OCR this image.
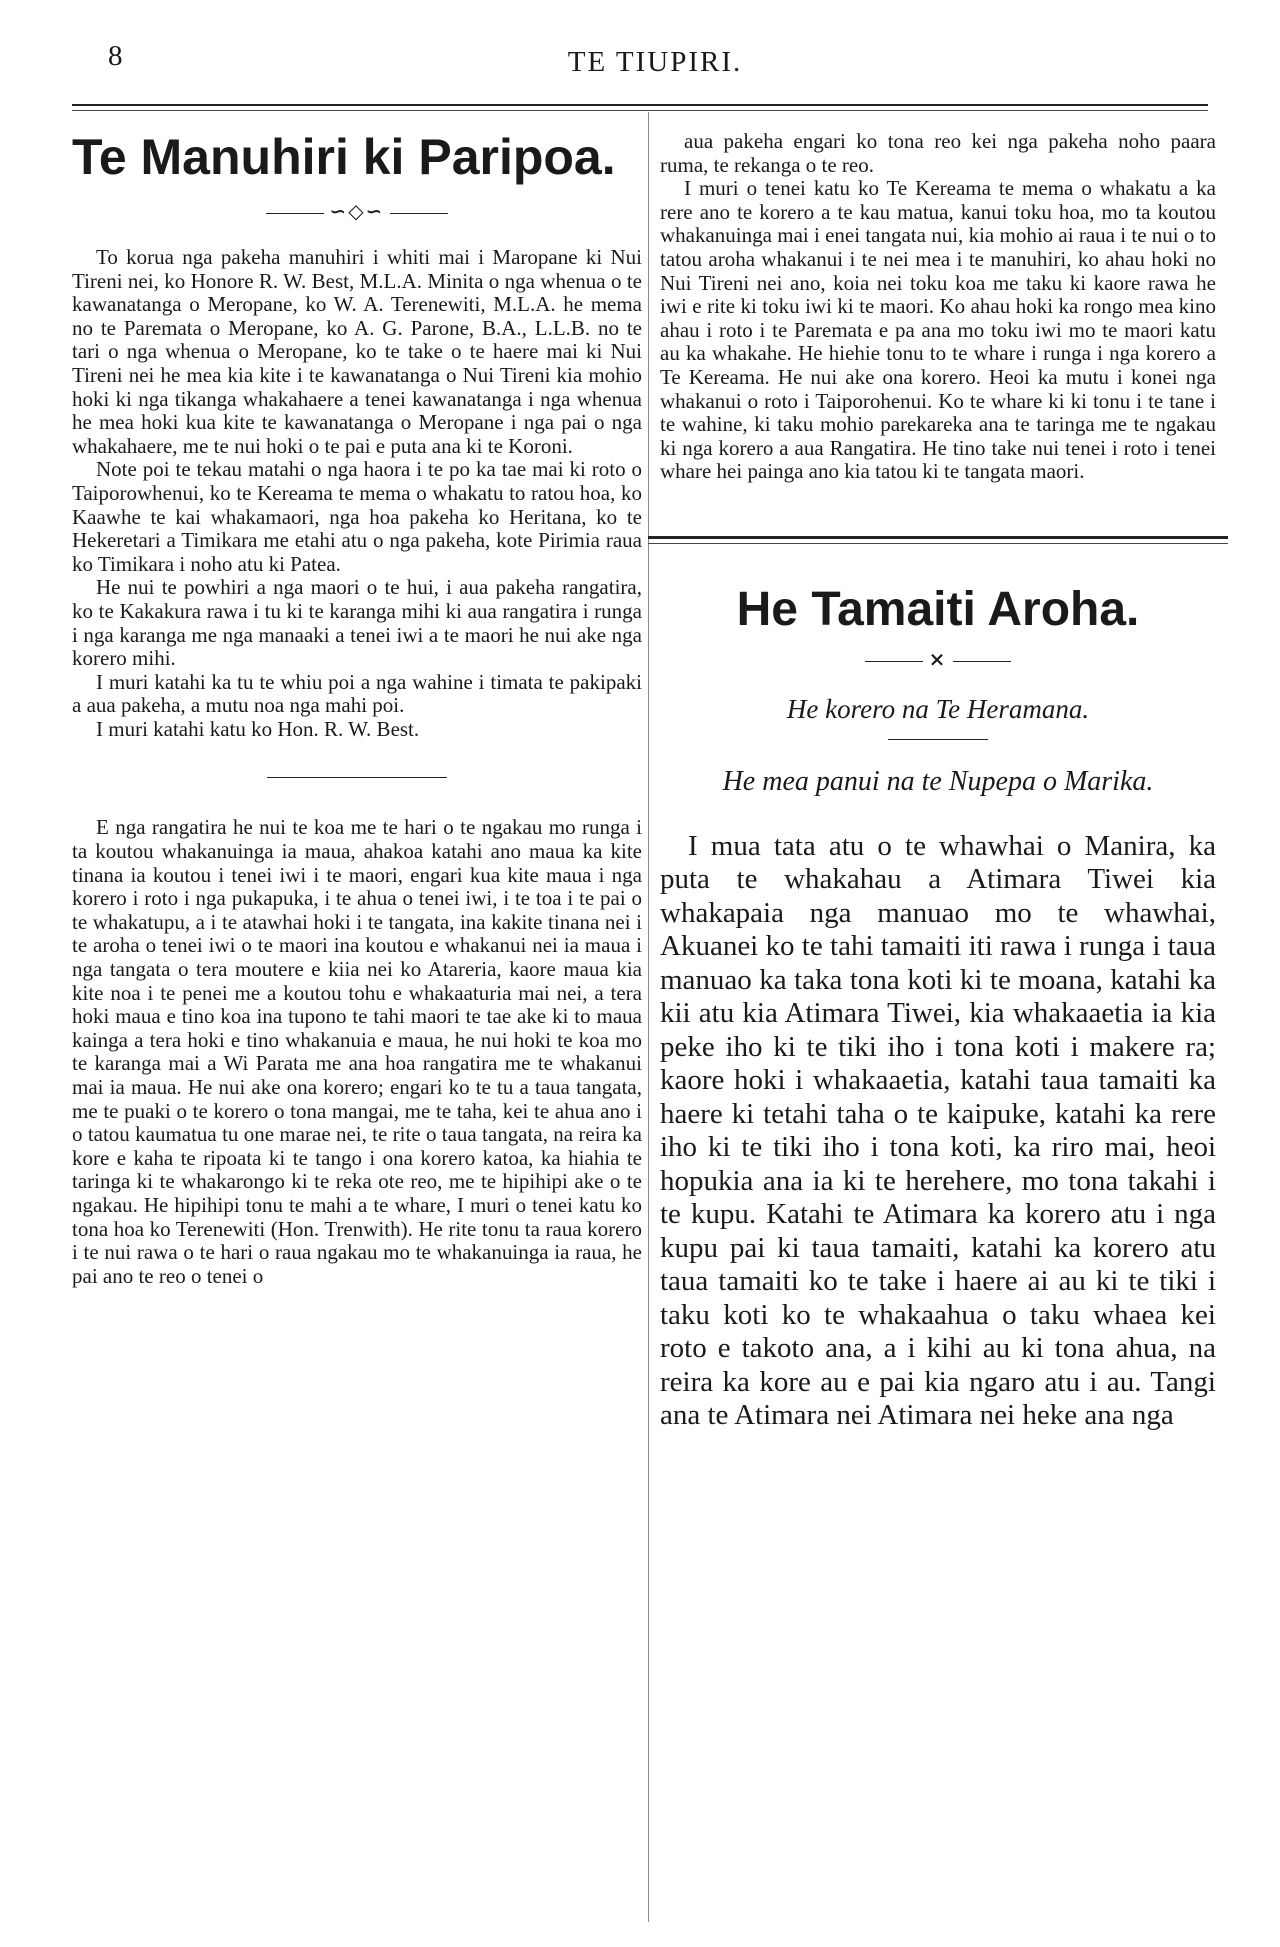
8	TE TIUPIRI.
Te Manuhiri ki Paripoa.
∽◇∽

To korua nga pakeha manuhiri i whiti mai i Maropane ki Nui Tireni nei, ko Honore R. W. Best, M.L.A. Minita o nga whenua o te kawanatanga o Meropane, ko W. A. Terenewiti, M.L.A. he mema no te Paremata o Meropane, ko A. G. Parone, B.A., L.L.B. no te tari o nga whenua o Meropane, ko te take o te haere mai ki Nui Tireni nei he mea kia kite i te kawanatanga o Nui Tireni kia mohio hoki ki nga tikanga whakahaere a tenei kawanatanga i nga whenua he mea hoki kua kite te kawanatanga o Meropane i nga pai o nga whakahaere, me te nui hoki o te pai e puta ana ki te Koroni.

Note poi te tekau matahi o nga haora i te po ka tae mai ki roto o Taiporowhenui, ko te Kereama te mema o whakatu to ratou hoa, ko Kaawhe te kai whakamaori, nga hoa pakeha ko Heritana, ko te Hekeretari a Timikara me etahi atu o nga pakeha, kote Pirimia raua ko Timikara i noho atu ki Patea.

He nui te powhiri a nga maori o te hui, i aua pakeha rangatira, ko te Kakakura rawa i tu ki te karanga mihi ki aua rangatira i runga i nga karanga me nga manaaki a tenei iwi a te maori he nui ake nga korero mihi.

I muri katahi ka tu te whiu poi a nga wahine i timata te pakipaki a aua pakeha, a mutu noa nga mahi poi.

I muri katahi katu ko Hon. R. W. Best.

E nga rangatira he nui te koa me te hari o te ngakau mo runga i ta koutou whakanuinga ia maua, ahakoa katahi ano maua ka kite tinana ia koutou i tenei iwi i te maori, engari kua kite maua i nga korero i roto i nga pukapuka, i te ahua o tenei iwi, i te toa i te pai o te whakatupu, a i te atawhai hoki i te tangata, ina kakite tinana nei i te aroha o tenei iwi o te maori ina koutou e whakanui nei ia maua i nga tangata o tera moutere e kiia nei ko Atareria, kaore maua kia kite noa i te penei me a koutou tohu e whakaaturia mai nei, a tera hoki maua e tino koa ina tupono te tahi maori te tae ake ki to maua kainga a tera hoki e tino whakanuia e maua, he nui hoki te koa mo te karanga mai a Wi Parata me ana hoa rangatira me te whakanui mai ia maua. He nui ake ona korero; engari ko te tu a taua tangata, me te puaki o te korero o tona mangai, me te taha, kei te ahua ano i o tatou kaumatua tu one marae nei, te rite o taua tangata, na reira ka kore e kaha te ripoata ki te tango i ona korero katoa, ka hiahia te taringa ki te whakarongo ki te reka ote reo, me te hipihipi ake o te ngakau. He hipihipi tonu te mahi a te whare, I muri o tenei katu ko tona hoa ko Terenewiti (Hon. Trenwith). He rite tonu ta raua korero i te nui rawa o te hari o raua ngakau mo te whakanuinga ia raua, he pai ano te reo o tenei o

aua pakeha engari ko tona reo kei nga pakeha noho paara ruma, te rekanga o te reo.

I muri o tenei katu ko Te Kereama te mema o whakatu a ka rere ano te korero a te kau matua, kanui toku hoa, mo ta koutou whakanuinga mai i enei tangata nui, kia mohio ai raua i te nui o to tatou aroha whakanui i te nei mea i te manuhiri, ko ahau hoki no Nui Tireni nei ano, koia nei toku koa me taku ki kaore rawa he iwi e rite ki toku iwi ki te maori. Ko ahau hoki ka rongo mea kino ahau i roto i te Paremata e pa ana mo toku iwi mo te maori katu au ka whakahe. He hiehie tonu to te whare i runga i nga korero a Te Kereama. He nui ake ona korero. Heoi ka mutu i konei nga whakanui o roto i Taiporohenui. Ko te whare ki ki tonu i te tane i te wahine, ki taku mohio parekareka ana te taringa me te ngakau ki nga korero a aua Rangatira. He tino take nui tenei i roto i tenei whare hei painga ano kia tatou ki te tangata maori.

He Tamaiti Aroha.
⨯

He korero na Te Heramana.

He mea panui na te Nupepa o Marika.

I mua tata atu o te whawhai o Manira, ka puta te whakahau a Atimara Tiwei kia whakapaia nga manuao mo te whawhai, Akuanei ko te tahi tamaiti iti rawa i runga i taua manuao ka taka tona koti ki te moana, katahi ka kii atu kia Atimara Tiwei, kia whakaaetia ia kia peke iho ki te tiki iho i tona koti i makere ra; kaore hoki i whakaaetia, katahi taua tamaiti ka haere ki tetahi taha o te kaipuke, katahi ka rere iho ki te tiki iho i tona koti, ka riro mai, heoi hopukia ana ia ki te herehere, mo tona takahi i te kupu. Katahi te Atimara ka korero atu i nga kupu pai ki taua tamaiti, katahi ka korero atu taua tamaiti ko te take i haere ai au ki te tiki i taku koti ko te whakaahua o taku whaea kei roto e takoto ana, a i kihi au ki tona ahua, na reira ka kore au e pai kia ngaro atu i au. Tangi ana te Atimara nei Atimara nei heke ana nga
